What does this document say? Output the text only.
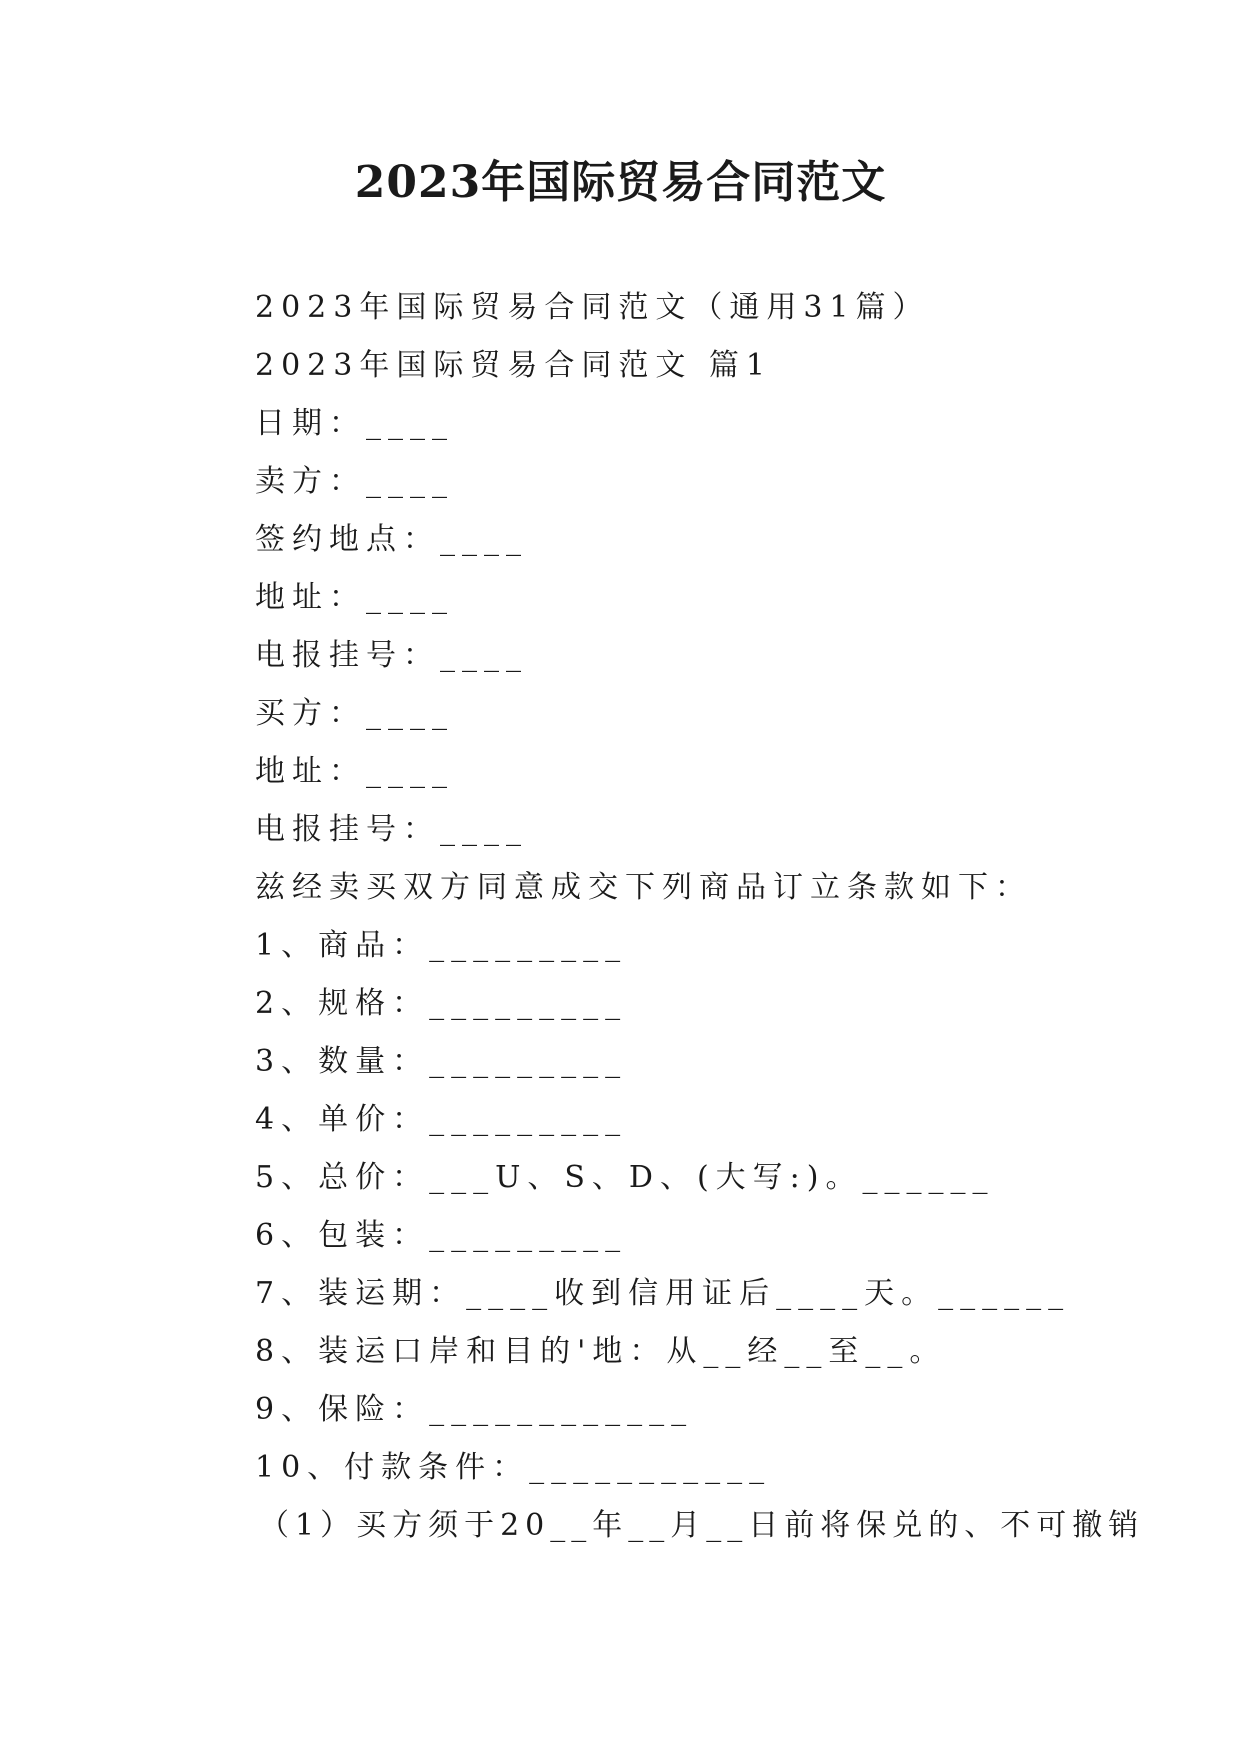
2023年国际贸易合同范文
2023年国际贸易合同范文（通用31篇）
2023年国际贸易合同范文 篇1
日期：____
卖方：____
签约地点：____
地址：____
电报挂号：____
买方：____
地址：____
电报挂号：____
兹经卖买双方同意成交下列商品订立条款如下：
1、商品：_________
2、规格：_________
3、数量：_________
4、单价：_________
5、总价：___U、S、D、(大写:)。______
6、包装：_________
7、装运期：____收到信用证后____天。______
8、装运口岸和目的'地：从__经__至__。
9、保险：____________
10、付款条件：___________
（1）买方须于20__年__月__日前将保兑的、不可撤销
